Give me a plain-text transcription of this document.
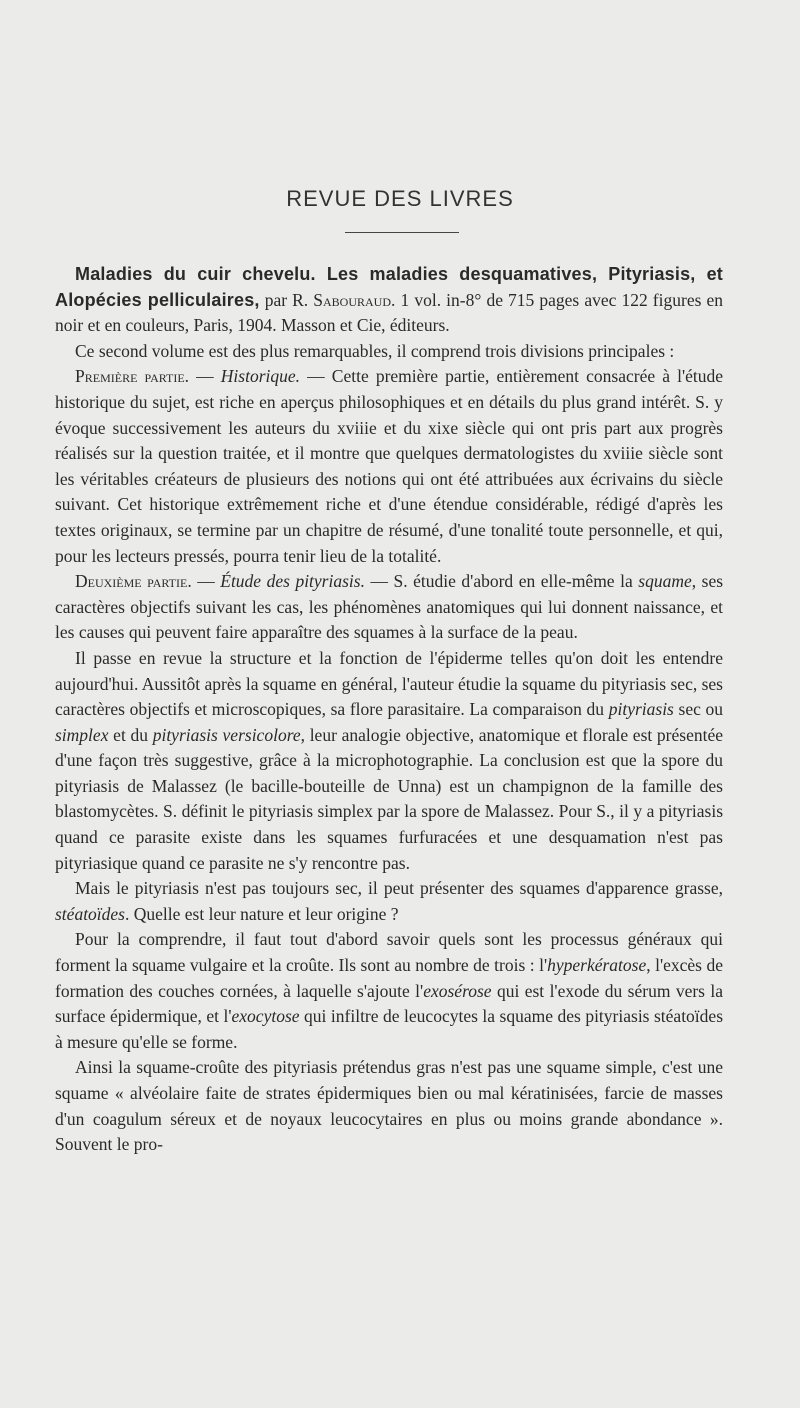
REVUE DES LIVRES

Maladies du cuir chevelu. Les maladies desquamatives, Pityriasis, et Alopécies pelliculaires, par R. Sabouraud. 1 vol. in-8° de 715 pages avec 122 figures en noir et en couleurs, Paris, 1904. Masson et Cie, éditeurs.

Ce second volume est des plus remarquables, il comprend trois divisions principales :

Première partie. — Historique. — Cette première partie, entièrement consacrée à l'étude historique du sujet, est riche en aperçus philosophiques et en détails du plus grand intérêt. S. y évoque successivement les auteurs du xviiie et du xixe siècle qui ont pris part aux progrès réalisés sur la question traitée, et il montre que quelques dermatologistes du xviiie siècle sont les véritables créateurs de plusieurs des notions qui ont été attribuées aux écrivains du siècle suivant. Cet historique extrêmement riche et d'une étendue considérable, rédigé d'après les textes originaux, se termine par un chapitre de résumé, d'une tonalité toute personnelle, et qui, pour les lecteurs pressés, pourra tenir lieu de la totalité.

Deuxième partie. — Étude des pityriasis. — S. étudie d'abord en elle-même la squame, ses caractères objectifs suivant les cas, les phénomènes anatomiques qui lui donnent naissance, et les causes qui peuvent faire apparaître des squames à la surface de la peau.

Il passe en revue la structure et la fonction de l'épiderme telles qu'on doit les entendre aujourd'hui. Aussitôt après la squame en général, l'auteur étudie la squame du pityriasis sec, ses caractères objectifs et microscopiques, sa flore parasitaire. La comparaison du pityriasis sec ou simplex et du pityriasis versicolore, leur analogie objective, anatomique et florale est présentée d'une façon très suggestive, grâce à la microphotographie. La conclusion est que la spore du pityriasis de Malassez (le bacille-bouteille de Unna) est un champignon de la famille des blastomycètes. S. définit le pityriasis simplex par la spore de Malassez. Pour S., il y a pityriasis quand ce parasite existe dans les squames furfuracées et une desquamation n'est pas pityriasique quand ce parasite ne s'y rencontre pas.

Mais le pityriasis n'est pas toujours sec, il peut présenter des squames d'apparence grasse, stéatoïdes. Quelle est leur nature et leur origine ?

Pour la comprendre, il faut tout d'abord savoir quels sont les processus généraux qui forment la squame vulgaire et la croûte. Ils sont au nombre de trois : l'hyperkératose, l'excès de formation des couches cornées, à laquelle s'ajoute l'exosérose qui est l'exode du sérum vers la surface épidermique, et l'exocytose qui infiltre de leucocytes la squame des pityriasis stéatoïdes à mesure qu'elle se forme.

Ainsi la squame-croûte des pityriasis prétendus gras n'est pas une squame simple, c'est une squame « alvéolaire faite de strates épidermiques bien ou mal kératinisées, farcie de masses d'un coagulum séreux et de noyaux leucocytaires en plus ou moins grande abondance ». Souvent le pro-
